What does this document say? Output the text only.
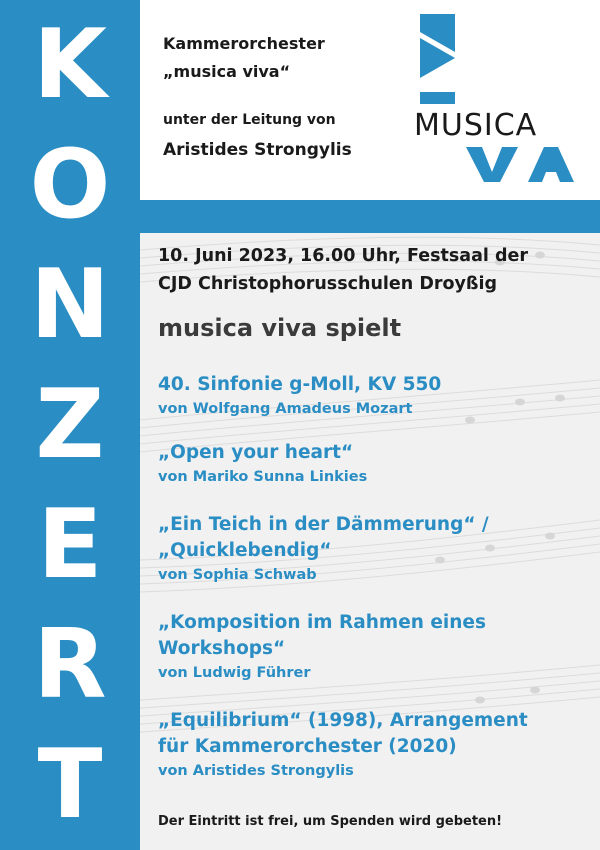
K
O
N
Z
E
R
T
Kammerorchester
„musica viva“
unter der Leitung von
Aristides Strongylis
MUSICA
10. Juni 2023, 16.00 Uhr, Festsaal der
CJD Christophorusschulen Droyßig
musica viva spielt
40. Sinfonie g-Moll, KV 550
von Wolfgang Amadeus Mozart
„Open your heart“
von Mariko Sunna Linkies
„Ein Teich in der Dämmerung“ /
„Quicklebendig“
von Sophia Schwab
„Komposition im Rahmen eines
Workshops“
von Ludwig Führer
„Equilibrium“ (1998), Arrangement
für Kammerorchester (2020)
von Aristides Strongylis
Der Eintritt ist frei, um Spenden wird gebeten!
